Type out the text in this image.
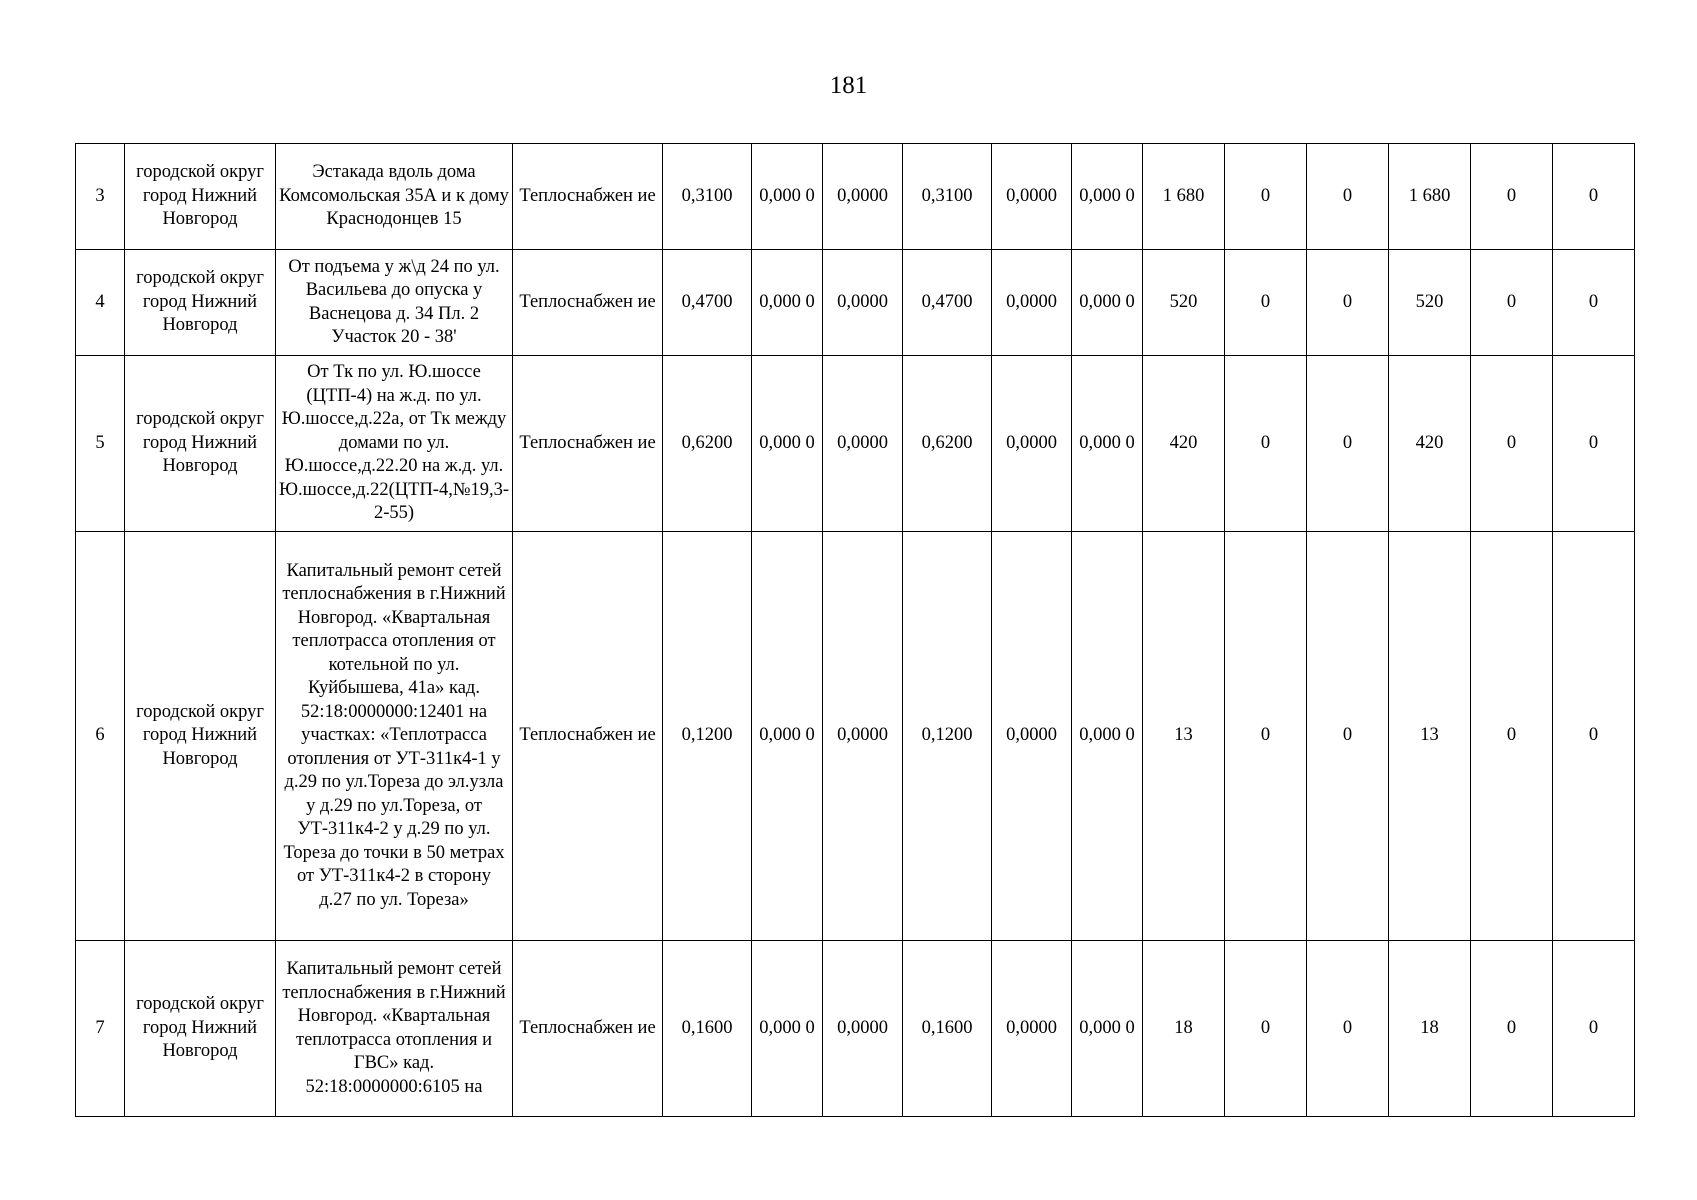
181
3	городской округ город Нижний Новгород	Эстакада вдоль дома Комсомольская 35А и к дому Краснодонцев 15	Теплоснабжен ие	0,3100	0,000 0	0,0000	0,3100	0,0000	0,000 0	1 680	0	0	1 680	0	0
4	городской округ город Нижний Новгород	От подъема у ж\д 24 по ул. Васильева до опуска у Васнецова д. 34 Пл. 2 Участок 20 - 38'	Теплоснабжен ие	0,4700	0,000 0	0,0000	0,4700	0,0000	0,000 0	520	0	0	520	0	0
5	городской округ город Нижний Новгород	От Тк по ул. Ю.шоссе (ЦТП-4) на ж.д. по ул. Ю.шоссе,д.22а, от Тк между домами по ул. Ю.шоссе,д.22.20 на ж.д. ул. Ю.шоссе,д.22(ЦТП-4,№19,3-2-55)	Теплоснабжен ие	0,6200	0,000 0	0,0000	0,6200	0,0000	0,000 0	420	0	0	420	0	0
6	городской округ город Нижний Новгород	Капитальный ремонт сетей теплоснабжения в г.Нижний Новгород. «Квартальная теплотрасса отопления от котельной по ул. Куйбышева, 41а» кад. 52:18:0000000:12401 на участках: «Теплотрасса отопления от УТ-311к4-1 у д.29 по ул.Тореза до эл.узла у д.29 по ул.Тореза, от УТ-311к4-2 у д.29 по ул. Тореза до точки в 50 метрах от УТ-311к4-2 в сторону д.27 по ул. Тореза»	Теплоснабжен ие	0,1200	0,000 0	0,0000	0,1200	0,0000	0,000 0	13	0	0	13	0	0
7	городской округ город Нижний Новгород	Капитальный ремонт сетей теплоснабжения в г.Нижний Новгород. «Квартальная теплотрасса отопления и ГВС» кад. 52:18:0000000:6105 на	Теплоснабжен ие	0,1600	0,000 0	0,0000	0,1600	0,0000	0,000 0	18	0	0	18	0	0
